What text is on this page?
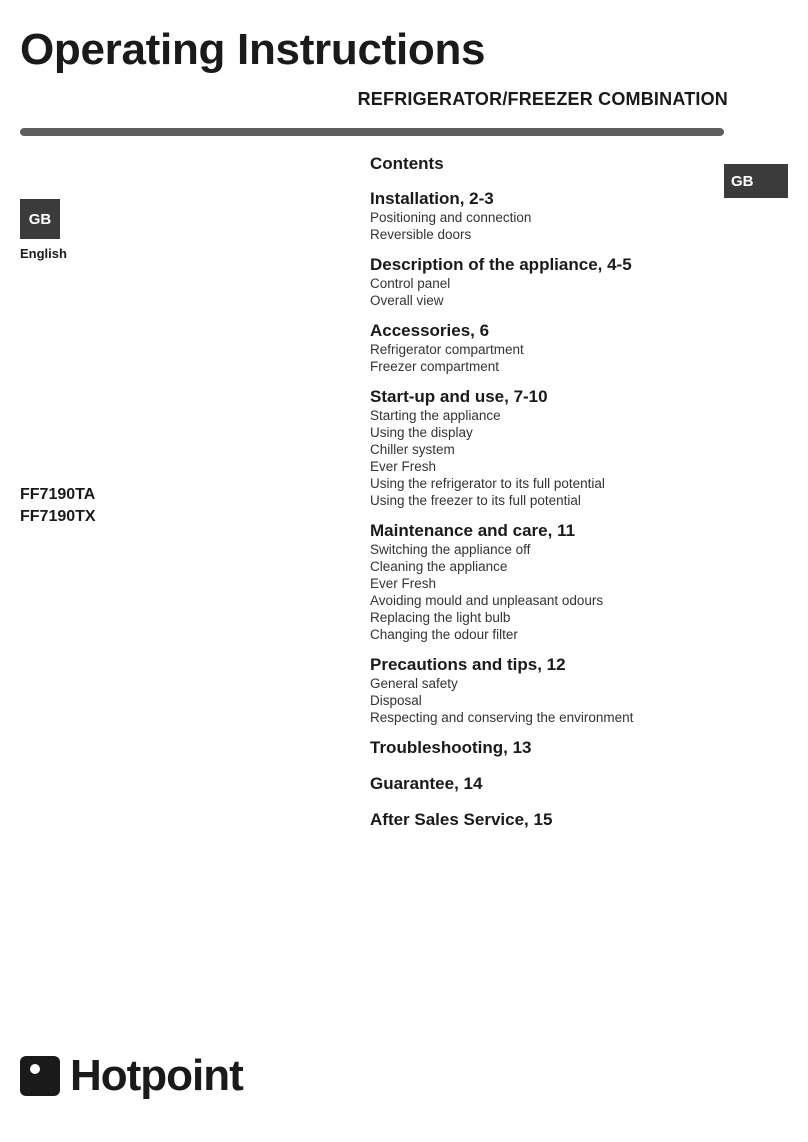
Operating Instructions
REFRIGERATOR/FREEZER COMBINATION
GB
English
GB
FF7190TA
FF7190TX
Contents
Installation, 2-3
Positioning and connection
Reversible doors
Description of the appliance, 4-5
Control panel
Overall view
Accessories, 6
Refrigerator compartment
Freezer compartment
Start-up and use, 7-10
Starting the appliance
Using the display
Chiller system
Ever Fresh
Using the refrigerator to its full potential
Using the freezer to its full potential
Maintenance and care, 11
Switching the appliance off
Cleaning the appliance
Ever Fresh
Avoiding mould and unpleasant odours
Replacing the light bulb
Changing the odour filter
Precautions and tips, 12
General safety
Disposal
Respecting and conserving the environment
Troubleshooting, 13
Guarantee, 14
After Sales Service, 15
Hotpoint
